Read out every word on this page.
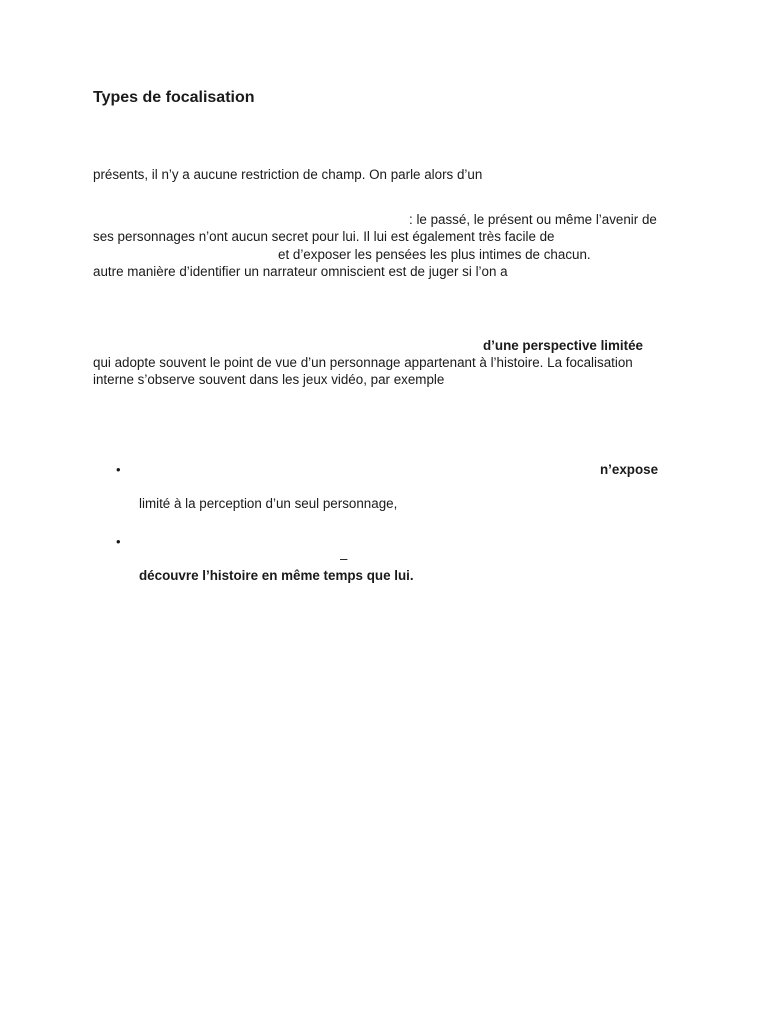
Types de focalisation
présents, il n’y a aucune restriction de champ. On parle alors d’un
: le passé, le présent ou même l’avenir de
ses personnages n’ont aucun secret pour lui. Il lui est également très facile de
et d’exposer les pensées les plus intimes de chacun.
autre manière d’identifier un narrateur omniscient est de juger si l’on a
d’une perspective limitée
qui adopte souvent le point de vue d’un personnage appartenant à l’histoire. La focalisation
interne s’observe souvent dans les jeux vidéo, par exemple
•	n’expose
limité à la perception d’un seul personnage,
•
–
découvre l’histoire en même temps que lui.
